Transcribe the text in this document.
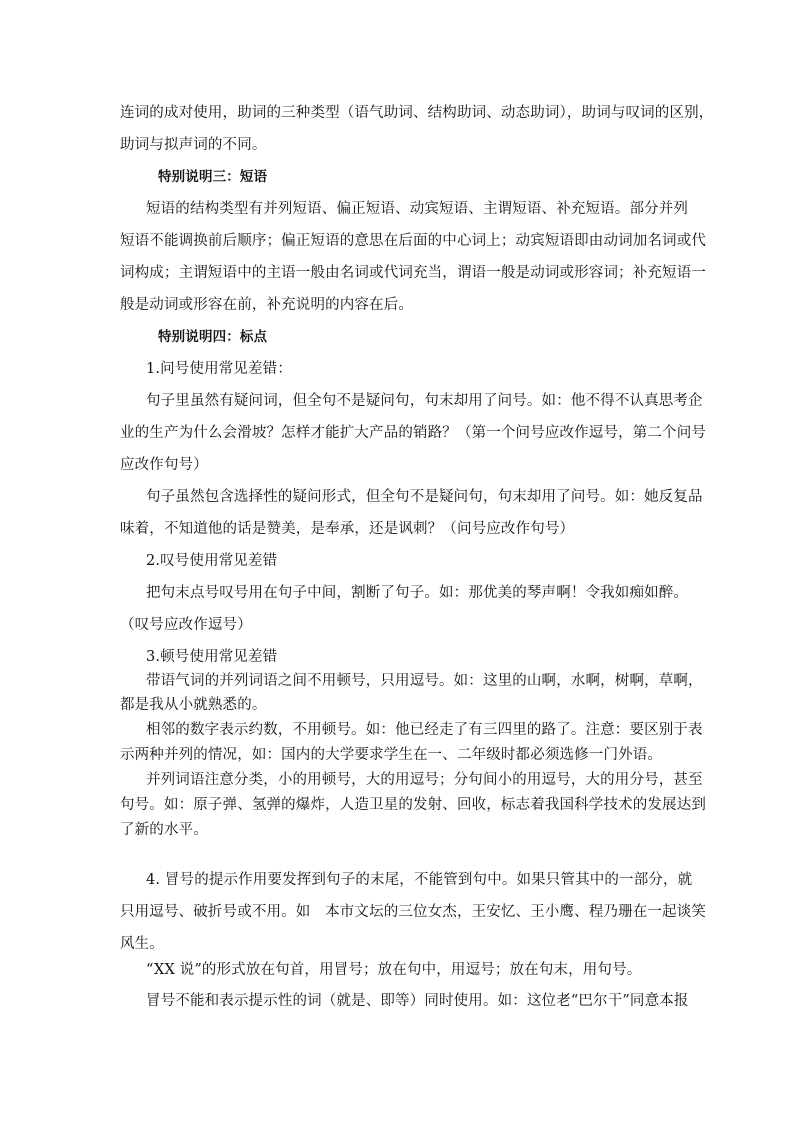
连词的成对使用，助词的三种类型（语气助词、结构助词、动态助词），助词与叹词的区别，
助词与拟声词的不同。
特别说明三：短语
短语的结构类型有并列短语、偏正短语、动宾短语、主谓短语、补充短语。部分并列
短语不能调换前后顺序；偏正短语的意思在后面的中心词上；动宾短语即由动词加名词或代
词构成；主谓短语中的主语一般由名词或代词充当，谓语一般是动词或形容词；补充短语一
般是动词或形容在前，补充说明的内容在后。
特别说明四：标点
1.问号使用常见差错：
句子里虽然有疑问词，但全句不是疑问句，句末却用了问号。如：他不得不认真思考企
业的生产为什么会滑坡？怎样才能扩大产品的销路？（第一个问号应改作逗号，第二个问号
应改作句号）
句子虽然包含选择性的疑问形式，但全句不是疑问句，句末却用了问号。如：她反复品
味着，不知道他的话是赞美，是奉承，还是讽刺？（问号应改作句号）
2.叹号使用常见差错
把句末点号叹号用在句子中间，割断了句子。如：那优美的琴声啊！令我如痴如醉。
（叹号应改作逗号）
3.顿号使用常见差错
带语气词的并列词语之间不用顿号，只用逗号。如：这里的山啊，水啊，树啊，草啊，
都是我从小就熟悉的。
相邻的数字表示约数，不用顿号。如：他已经走了有三四里的路了。注意：要区别于表
示两种并列的情况，如：国内的大学要求学生在一、二年级时都必须选修一门外语。
并列词语注意分类，小的用顿号，大的用逗号；分句间小的用逗号，大的用分号，甚至
句号。如：原子弹、氢弹的爆炸，人造卫星的发射、回收，标志着我国科学技术的发展达到
了新的水平。
4. 冒号的提示作用要发挥到句子的末尾，不能管到句中。如果只管其中的一部分，就
只用逗号、破折号或不用。如　本市文坛的三位女杰，王安忆、王小鹰、程乃珊在一起谈笑
风生。
“XX 说”的形式放在句首，用冒号；放在句中，用逗号；放在句末，用句号。
冒号不能和表示提示性的词（就是、即等）同时使用。如：这位老“巴尔干”同意本报
